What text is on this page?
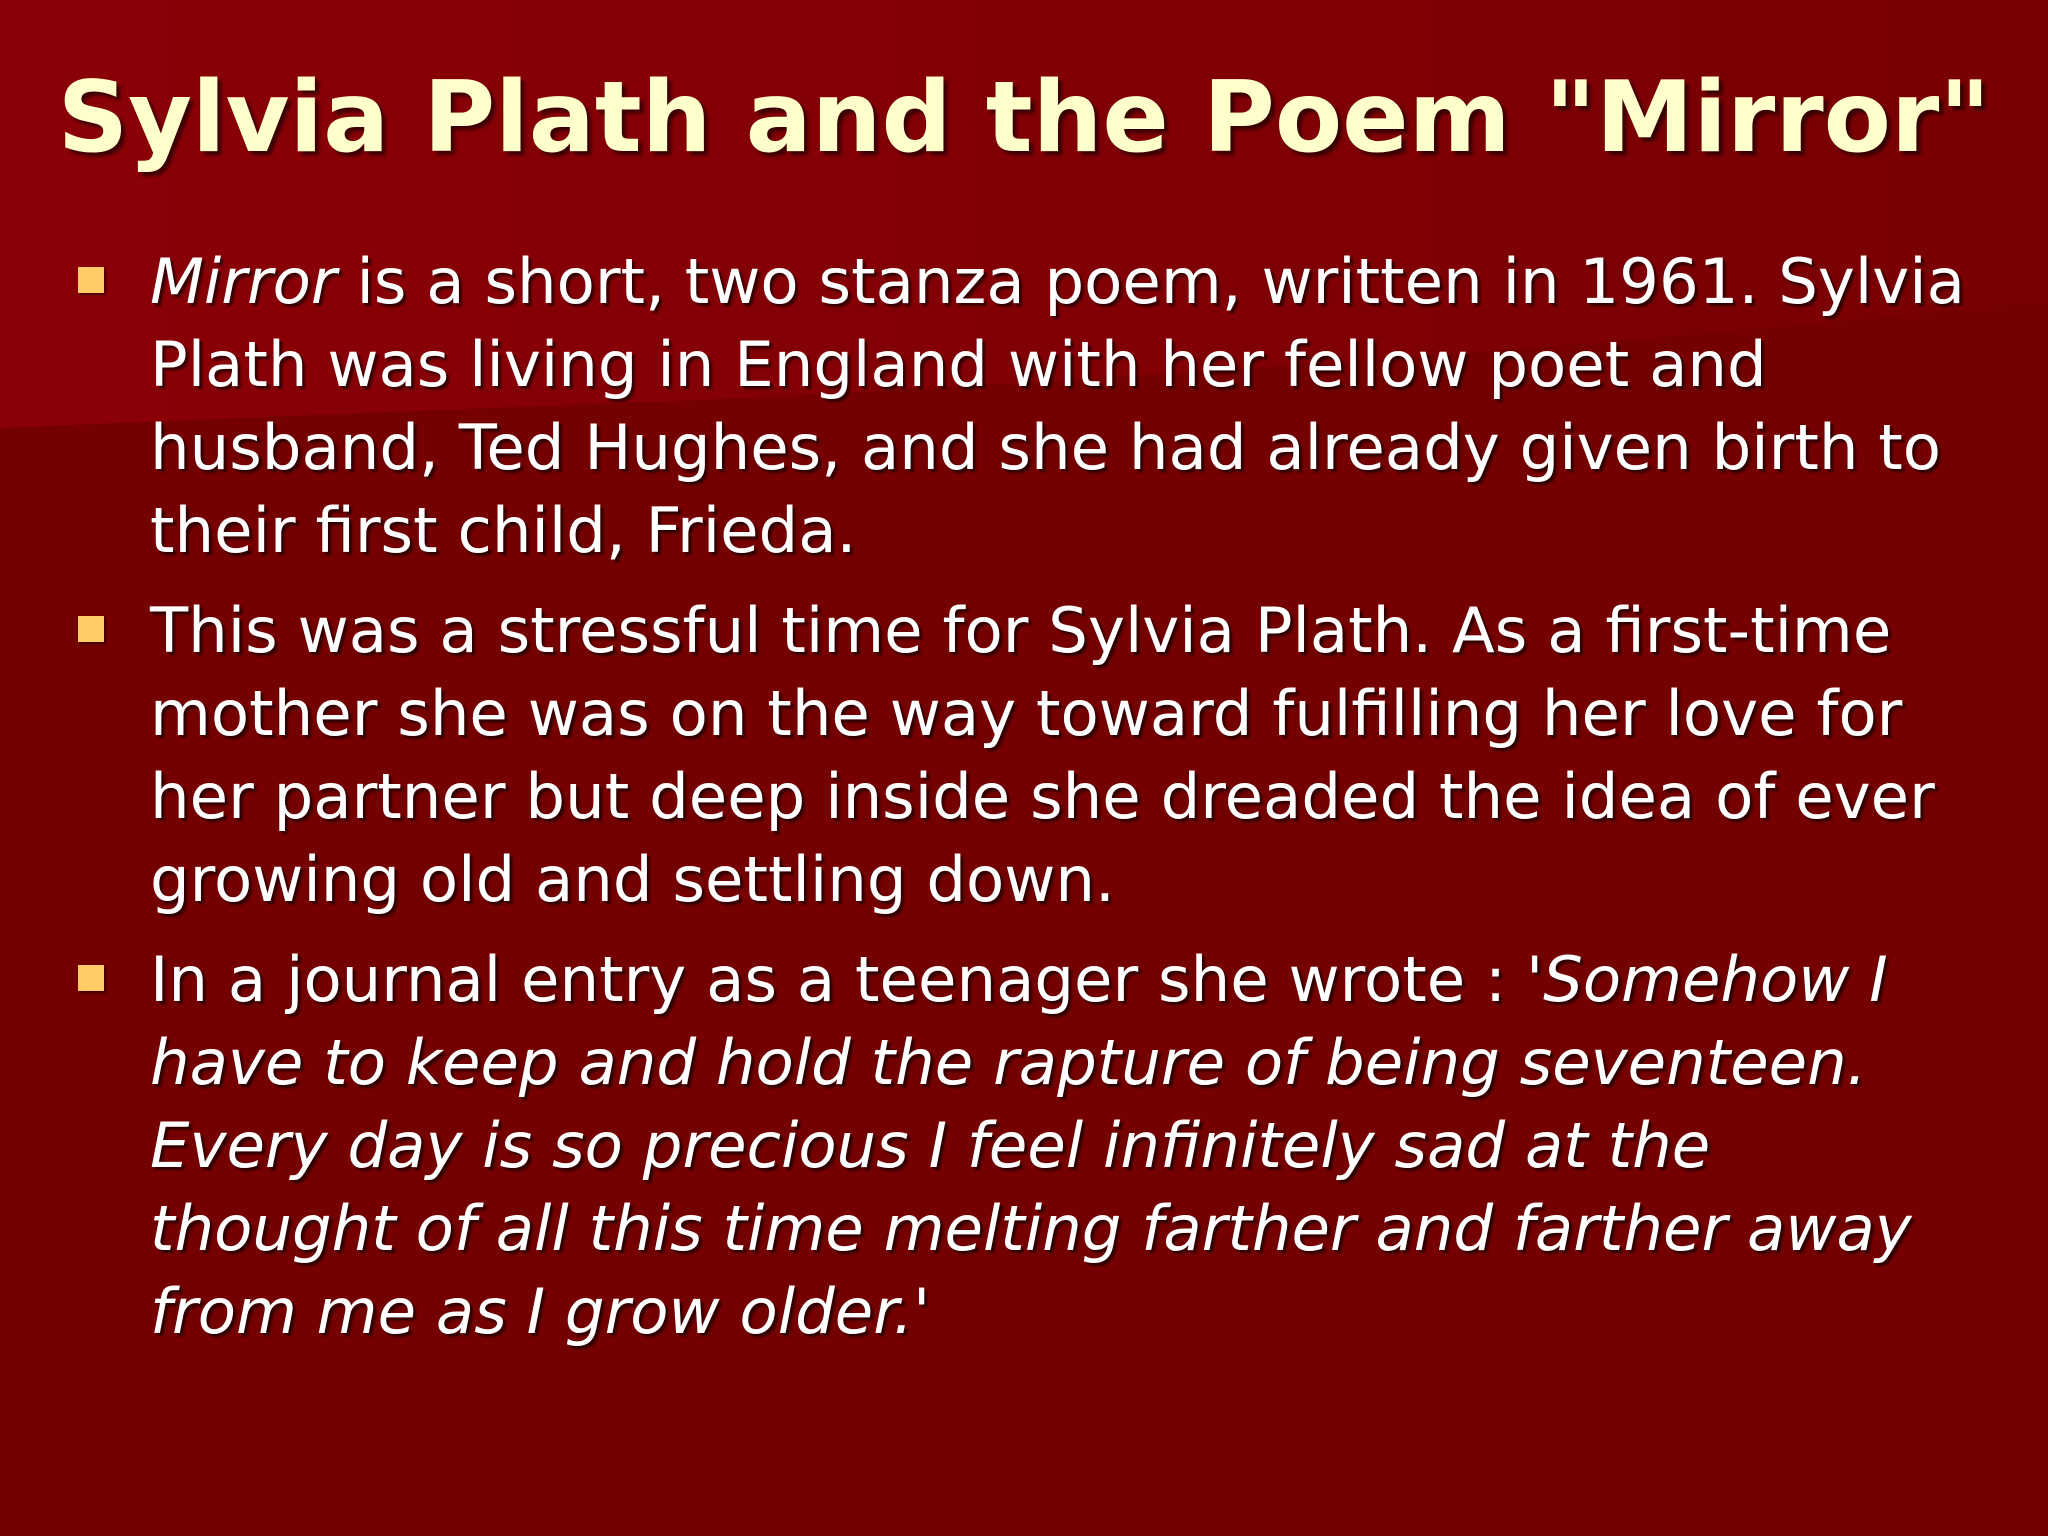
Sylvia Plath and the Poem "Mirror"
Mirror is a short, two stanza poem, written in 1961. Sylvia Plath was living in England with her fellow poet and husband, Ted Hughes, and she had already given birth to their first child, Frieda.
This was a stressful time for Sylvia Plath. As a first-time mother she was on the way toward fulfilling her love for her partner but deep inside she dreaded the idea of ever growing old and settling down.
In a journal entry as a teenager she wrote : 'Somehow I have to keep and hold the rapture of being seventeen. Every day is so precious I feel infinitely sad at the thought of all this time melting farther and farther away from me as I grow older.'
